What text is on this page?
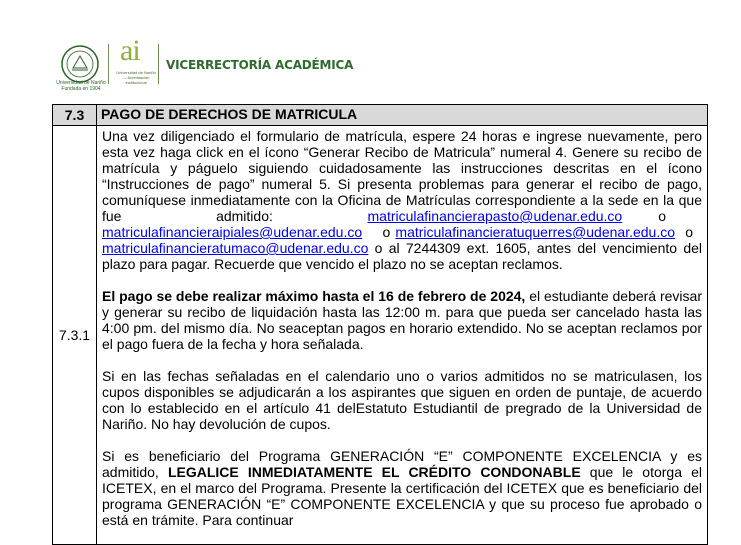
Universidad de Nariño
Fundada en 1904
ai
Universidad de Nariño — Acreditación Institucional
VICERRECTORÍA ACADÉMICA
7.3	PAGO DE DERECHOS DE MATRICULA
7.3.1	Una vez diligenciado el formulario de matrícula, espere 24 horas e ingrese nuevamente, pero esta vez haga click en el ícono “Generar Recibo de Matricula” numeral 4. Genere su recibo de matrícula y páguelo siguiendo cuidadosamente las instrucciones descritas en el ícono “Instrucciones de pago” numeral 5. Si presenta problemas para generar el recibo de pago, comuníquese inmediatamente con la Oficina de Matrículas correspondiente a la sede en la que fue admitido: matriculafinancierapasto@udenar.edu.co o matriculafinancieraipiales@udenar.edu.co o matriculafinancieratuquerres@udenar.edu.co o   matriculafinancieratumaco@udenar.edu.co o al 7244309 ext. 1605, antes del vencimiento del plazo para pagar. Recuerde que vencido el plazo no se aceptan reclamos.

El pago se debe realizar máximo hasta el 16 de febrero de 2024, el estudiante deberá revisar y generar su recibo de liquidación hasta las 12:00 m. para que pueda ser cancelado hasta las 4:00 pm. del mismo día. No seaceptan pagos en horario extendido. No se aceptan reclamos por el pago fuera de la fecha y hora señalada.

Si en las fechas señaladas en el calendario uno o varios admitidos no se matriculasen, los cupos disponibles se adjudicarán a los aspirantes que siguen en orden de puntaje, de acuerdo con lo establecido en el artículo 41 delEstatuto Estudiantil de pregrado de la Universidad de Nariño. No hay devolución de cupos.

Si es beneficiario del Programa GENERACIÓN “E” COMPONENTE EXCELENCIA y es admitido, LEGALICE INMEDIATAMENTE EL CRÉDITO CONDONABLE que le otorga el ICETEX, en el marco del Programa. Presente la certificación del ICETEX que es beneficiario del programa GENERACIÓN “E” COMPONENTE EXCELENCIA y que su proceso fue aprobado o está en trámite. Para continuar
